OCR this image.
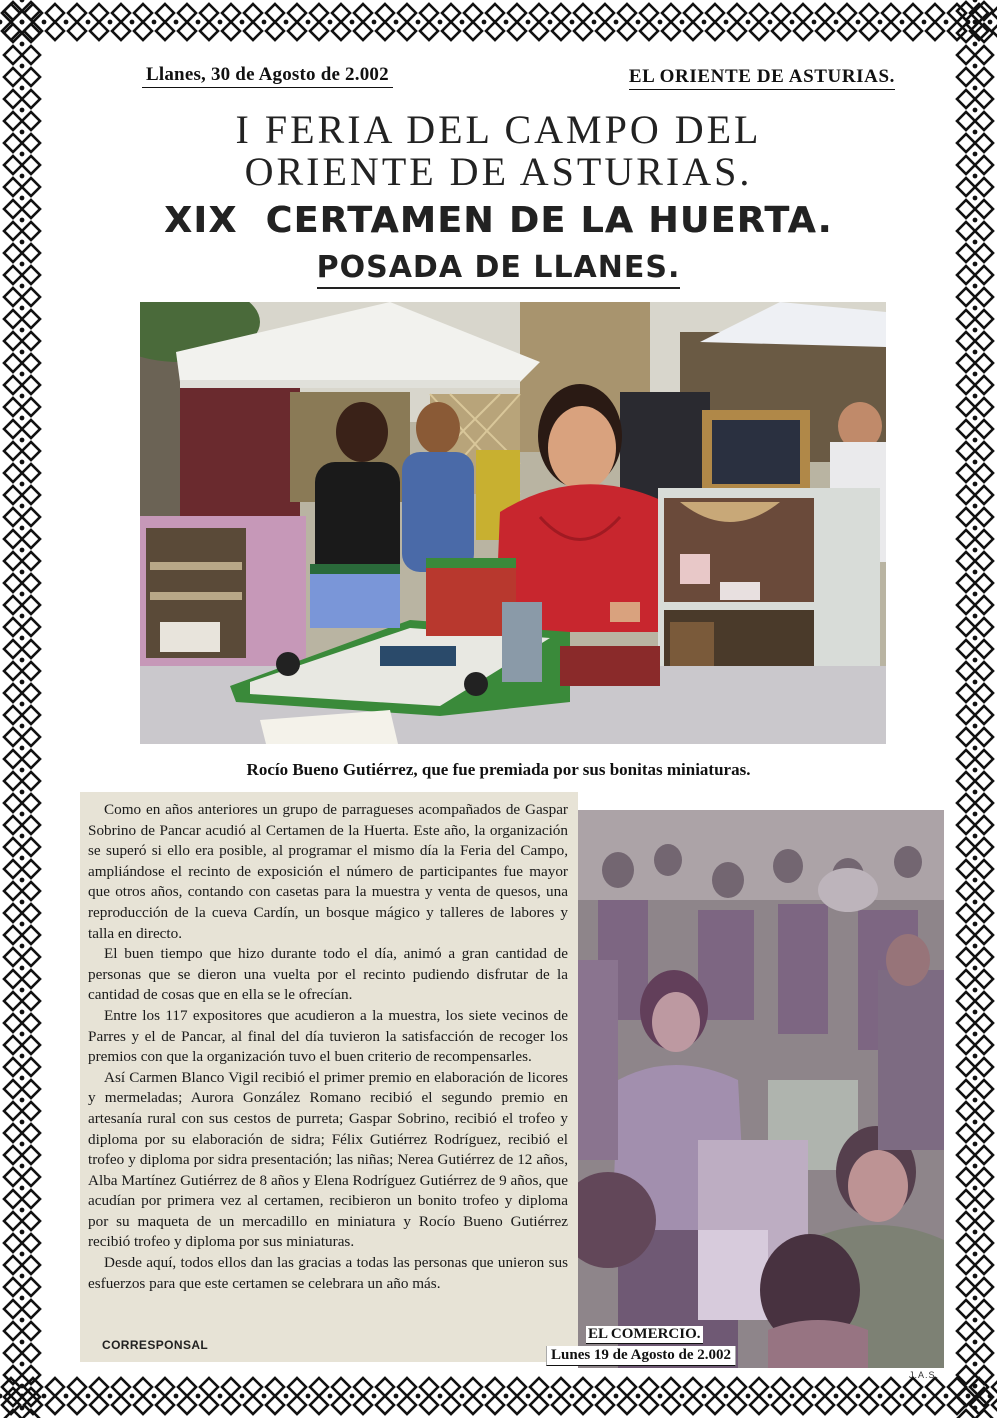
Llanes, 30 de Agosto de 2.002	EL ORIENTE DE ASTURIAS.
I FERIA DEL CAMPO DEL
ORIENTE DE ASTURIAS.
XIX  CERTAMEN DE LA HUERTA.
POSADA DE LLANES.
Rocío Bueno Gutiérrez, que fue premiada por sus bonitas miniaturas.

Como en años anteriores un grupo de parragueses acompañados de Gaspar Sobrino de Pancar acudió al Certamen de la Huerta. Este año, la organización se superó si ello era posible, al programar el mismo día la Feria del Campo, ampliándose el recinto de exposición el número de participantes fue mayor que otros años, contando con casetas para la muestra y venta de quesos, una reproducción de la cueva Cardín, un bosque mágico y talleres de labores y talla en directo.

El buen tiempo que hizo durante todo el día, animó a gran cantidad de personas que se dieron una vuelta por el recinto pudiendo disfrutar de la cantidad de cosas que en ella se le ofrecían.

Entre los 117 expositores que acudieron a la muestra, los siete vecinos de Parres y el de Pancar, al final del día tuvieron la satisfacción de recoger los premios con que la organización tuvo el buen criterio de recompensarles.

Así Carmen Blanco Vigil recibió el primer premio en elaboración de licores y mermeladas; Aurora González Romano recibió el segundo premio en artesanía rural con sus cestos de purreta; Gaspar Sobrino, recibió el trofeo y diploma por su elaboración de sidra; Félix Gutiérrez Rodríguez, recibió el trofeo y diploma por sidra presentación; las niñas; Nerea Gutiérrez de 12 años, Alba Martínez Gutiérrez de 8 años y Elena Rodríguez Gutiérrez de 9 años, que acudían por primera vez al certamen, recibieron un bonito trofeo y diploma por su maqueta de un mercadillo en miniatura y Rocío Bueno Gutiérrez recibió trofeo y diploma por sus miniaturas.

Desde aquí, todos ellos dan las gracias a todas las personas que unieron sus esfuerzos para que este certamen se celebrara un año más.

CORRESPONSAL
EL COMERCIO.
Lunes 19 de Agosto de 2.002
J.A.S.
